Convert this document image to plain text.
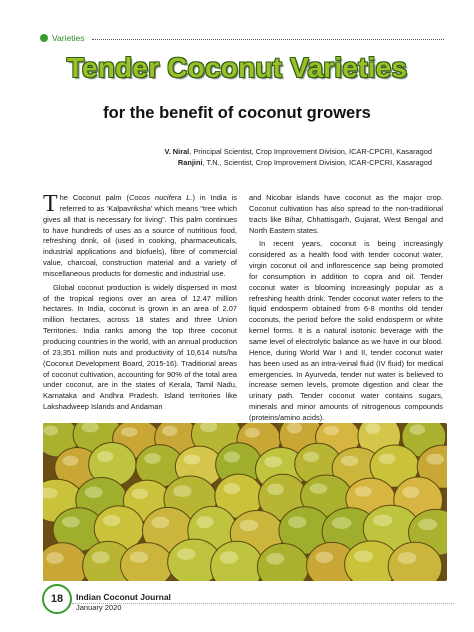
Varieties
Tender Coconut Varieties
for the benefit of coconut growers
V. Niral, Principal Scientist, Crop Improvement Division, ICAR-CPCRI, Kasaragod
Ranjini, T.N., Scientist, Crop Improvement Division, ICAR-CPCRI, Kasaragod

The Coconut palm (Cocos nucifera L.) in India is referred to as ‘Kalpavriksha’ which means “tree which gives all that is necessary for living”. This palm continues to have hundreds of uses as a source of nutritious food, refreshing drink, oil (used in cooking, pharmaceuticals, industrial applications and biofuels), fibre of commercial value, charcoal, construction material and a variety of miscellaneous products for domestic and industrial use.

Global coconut production is widely dispersed in most of the tropical regions over an area of 12.47 million hectares. In India, coconut is grown in an area of 2.07 million hectares, across 18 states and three Union Territories. India ranks among the top three coconut producing countries in the world, with an annual production of 23,351 million nuts and productivity of 10,614 nuts/ha (Coconut Development Board, 2015-16). Traditional areas of coconut cultivation, accounting for 90% of the total area under coconut, are in the states of Kerala, Tamil Nadu, Karnataka and Andhra Pradesh. Island territories like Lakshadweep Islands and Andaman

and Nicobar islands have coconut as the major crop. Coconut cultivation has also spread to the non-traditional tracts like Bihar, Chhattisgarh, Gujarat, West Bengal and North Eastern states.

In recent years, coconut is being increasingly considered as a health food with tender coconut water, virgin coconut oil and inflorescence sap being promoted for consumption in addition to copra and oil. Tender coconut water is blooming increasingly popular as a refreshing health drink. Tender coconut water refers to the liquid endosperm obtained from 6-8 months old tender coconuts, the period before the solid endosperm or white kernel forms. It is a natural isotonic beverage with the same level of electrolytic balance as we have in our blood. Hence, during World War I and II, tender coconut water has been used as an intra-veinal fluid (IV fluid) for medical emergencies. In Ayurveda, tender nut water is believed to increase semen levels, promote digestion and clear the urinary path. Tender coconut water contains sugars, minerals and minor amounts of nitrogenous compounds (proteins/amino acids).

18	Indian Coconut Journal
January 2020
